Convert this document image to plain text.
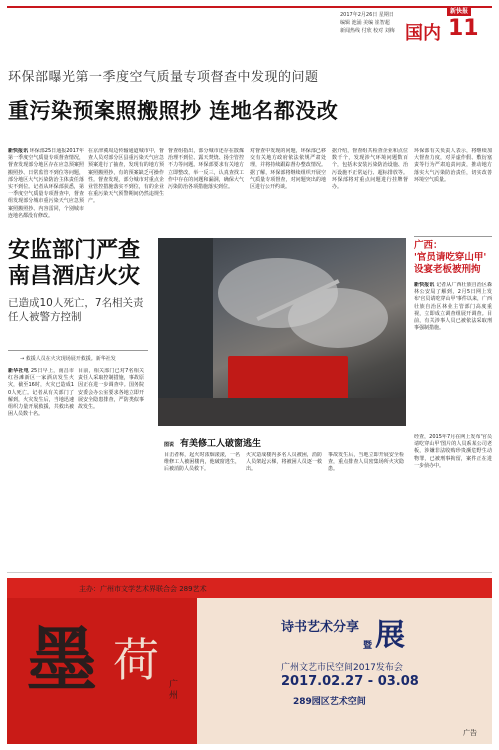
2017年2月26日 星期日
编辑 池涌 美编 崔智超
新闻热线 付欣 校对 刘梅
新快报
国内 11
环保部曝光第一季度空气质量专项督查中发现的问题
重污染预案照搬照抄 连地名都没改
新快报讯 环保部25日通报2017年第一季度空气质量专项督查情况，督查发现部分地区存在应急预案照搬照抄、日常监管不到位等问题，部分地区大气污染防治主体责任落实不到位。记者从环保部获悉，第一季度空气质量专项督查中，督查组发现部分城市重污染天气应急预案照搬照抄、内容雷同，个别城市连地名都没有修改。
在京津冀周边传输通道城市中，督查人员对部分区县重污染天气应急预案进行了抽查，发现有的地方预案照搬照抄，有的预案缺乏可操作性。督查发现，部分城市对重点企业管控措施落实不到位，有的企业在重污染天气预警期间仍然违规生产。
督查组指出，部分城市还存在散煤治理不到位、露天焚烧、扬尘管控不力等问题。环保部要求有关地方立即整改，举一反三，认真查找工作中存在的问题和漏洞，确保大气污染防治各项措施落实到位。
对督查中发现的问题，环保部已移交有关地方政府依法依规严肃处理，并将持续跟踪督办整改情况。据了解，环保部将继续组织开展空气质量专项督查，对问题突出的地区进行公开约谈。
据介绍，督查组共检查企业和点位数千个，发现涉气环境问题数百个，包括未安装污染防治设施、治污设施不正常运行、超标排放等。环保部将对重点问题进行挂牌督办。
环保部有关负责人表示，将继续加大督查力度，对弄虚作假、敷衍塞责等行为严肃追责问责，推动地方落实大气污染防治责任，切实改善环境空气质量。
安监部门严查
南昌酒店火灾
已造成10人死亡，7名相关责任人被警方控制
→ 救援人员在火灾现场展开救援。新华社发
新华社电 25日早上，南昌市红谷滩新区一家酒店发生火灾，截至16时，火灾已造成10人死亡。记者从有关部门了解到，火灾发生后，当地迅速组织力量开展救援，共救出被困人员数十名。
目前，相关部门已对7名相关责任人采取控制措施，事故原因正在进一步调查中。国务院安委会办公室要求各地立即开展安全隐患排查，严防类似事故发生。
图说 有美修工人破窗逃生
目击者称，起火时浓烟滚滚，一名维修工人被困楼内，他破窗逃生，后被消防人员救下。
火灾造成楼内多名人员被困，消防人员架起云梯，将被困人员逐一救出。
事故发生后，当地立即开展安全检查，重点排查人员密集场所火灾隐患。
广西：
'官员请吃穿山甲'
设宴老板被刑拘
新快报讯 记者从广西壮族自治区森林公安局了解到，2月5日网上发布'官员请吃穿山甲'事件以来，广西壮族自治区林业主管部门高度重视，立即成立调查组展开调查。目前，有关涉事人员已被依法采取刑事强制措施。
经查，2015年7月在网上发布'官员请吃穿山甲'图片的人员系某公司老板，涉嫌非法收购珍贵濒危野生动物罪，已被刑事拘留，案件正在进一步侦办中。
主办：广州市文学艺术界联合会 289艺术
墨 荷 广州
诗书艺术分享
暨 展
广州文艺市民空间2017发布会
2017.02.27 - 03.08
289园区艺术空间
广告
